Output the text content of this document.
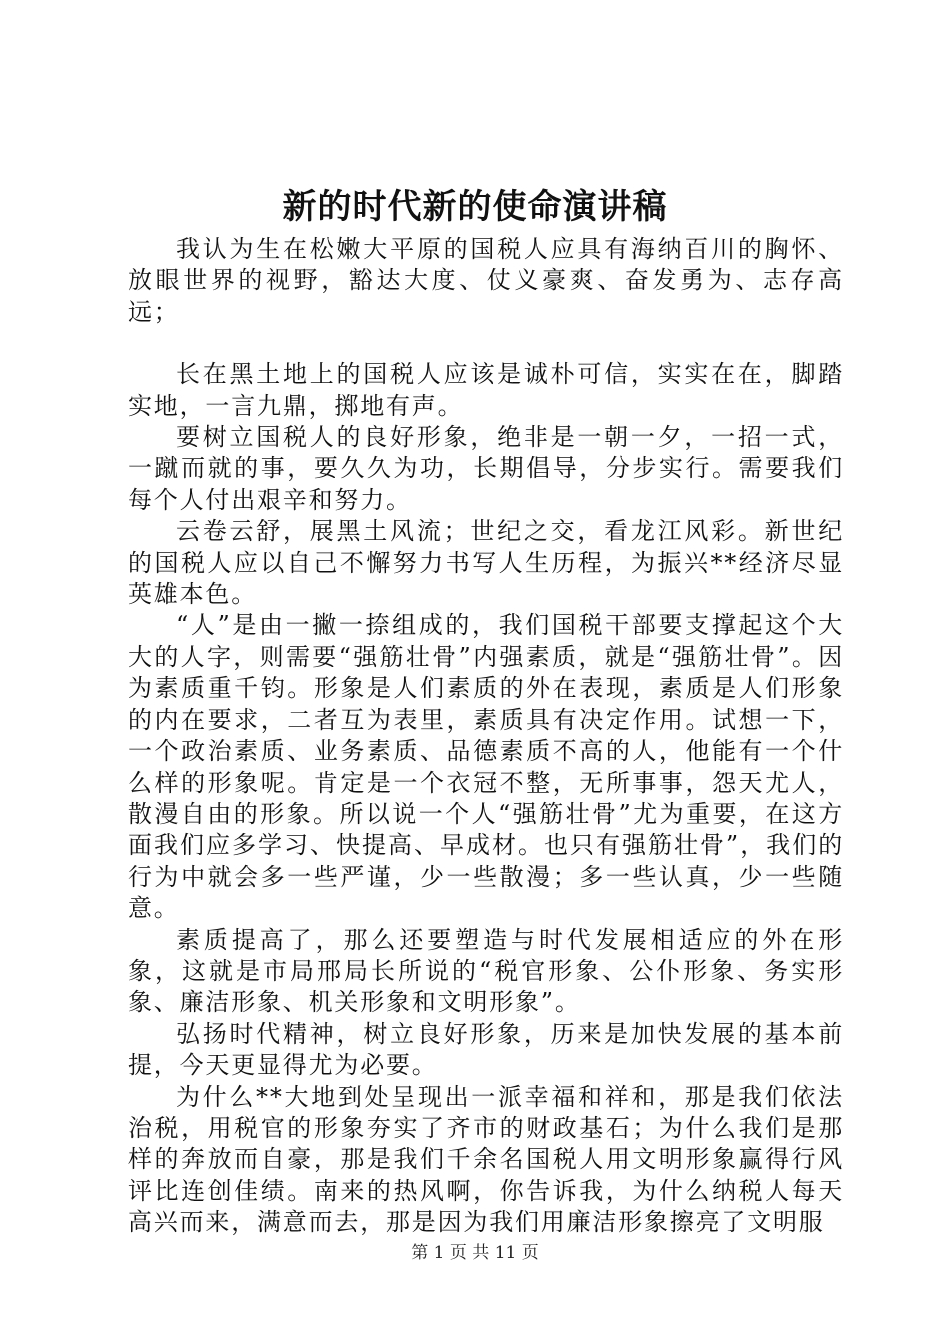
新的时代新的使命演讲稿

我认为生在松嫩大平原的国税人应具有海纳百川的胸怀、放眼世界的视野，豁达大度、仗义豪爽、奋发勇为、志存高远；

长在黑土地上的国税人应该是诚朴可信，实实在在，脚踏实地，一言九鼎，掷地有声。

要树立国税人的良好形象，绝非是一朝一夕，一招一式，一蹴而就的事，要久久为功，长期倡导，分步实行。需要我们每个人付出艰辛和努力。

云卷云舒，展黑土风流；世纪之交，看龙江风彩。新世纪的国税人应以自己不懈努力书写人生历程，为振兴**经济尽显英雄本色。

“人”是由一撇一捺组成的，我们国税干部要支撑起这个大大的人字，则需要“强筋壮骨”内强素质，就是“强筋壮骨”。因为素质重千钧。形象是人们素质的外在表现，素质是人们形象的内在要求，二者互为表里，素质具有决定作用。试想一下，一个政治素质、业务素质、品德素质不高的人，他能有一个什么样的形象呢。肯定是一个衣冠不整，无所事事，怨天尤人，散漫自由的形象。所以说一个人“强筋壮骨”尤为重要，在这方面我们应多学习、快提高、早成材。也只有强筋壮骨”，我们的行为中就会多一些严谨，少一些散漫；多一些认真，少一些随意。

素质提高了，那么还要塑造与时代发展相适应的外在形象，这就是市局邢局长所说的“税官形象、公仆形象、务实形象、廉洁形象、机关形象和文明形象”。

弘扬时代精神，树立良好形象，历来是加快发展的基本前提，今天更显得尤为必要。

为什么**大地到处呈现出一派幸福和祥和，那是我们依法治税，用税官的形象夯实了齐市的财政基石；为什么我们是那样的奔放而自豪，那是我们千余名国税人用文明形象赢得行风评比连创佳绩。南来的热风啊，你告诉我，为什么纳税人每天高兴而来，满意而去，那是因为我们用廉洁形象擦亮了文明服

第 1 页 共 11 页
